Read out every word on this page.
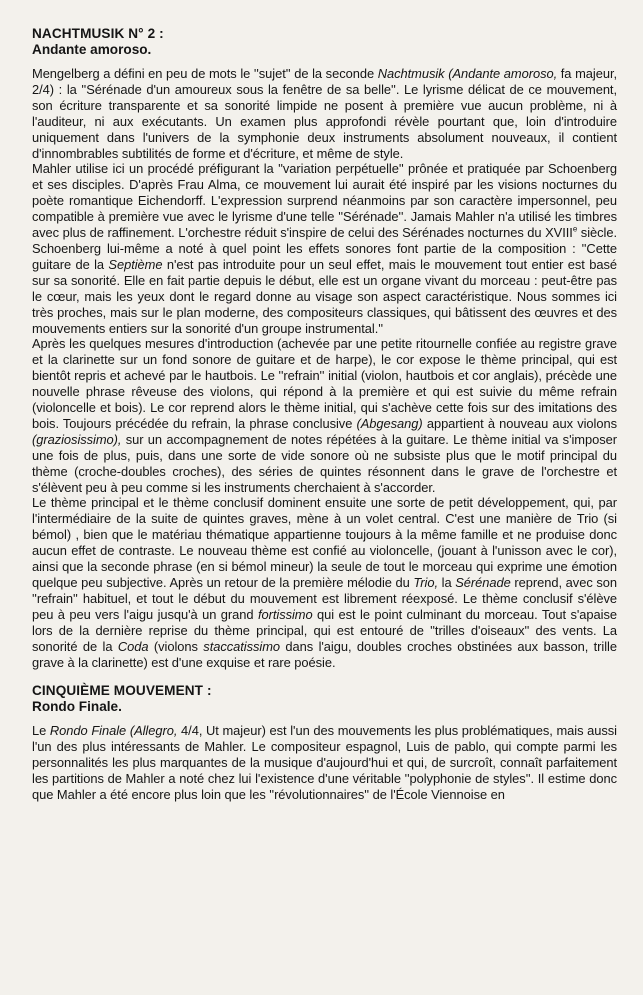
NACHTMUSIK N° 2 :
Andante amoroso.

Mengelberg a défini en peu de mots le ''sujet'' de la seconde Nachtmusik (Andante amoroso, fa majeur, 2/4) : la ''Sérénade d'un amoureux sous la fenêtre de sa belle''. Le lyrisme délicat de ce mouvement, son écriture transparente et sa sonorité limpide ne posent à première vue aucun problème, ni à l'auditeur, ni aux exécutants. Un examen plus approfondi révèle pourtant que, loin d'introduire uniquement dans l'univers de la symphonie deux instruments absolument nouveaux, il contient d'innombrables subtilités de forme et d'écriture, et même de style.

Mahler utilise ici un procédé préfigurant la ''variation perpétuelle'' prônée et pratiquée par Schoenberg et ses disciples. D'après Frau Alma, ce mouvement lui aurait été inspiré par les visions nocturnes du poète romantique Eichendorff. L'expression surprend néanmoins par son caractère impersonnel, peu compatible à première vue avec le lyrisme d'une telle ''Sérénade''. Jamais Mahler n'a utilisé les timbres avec plus de raffinement. L'orchestre réduit s'inspire de celui des Sérénades nocturnes du XVIIIe siècle. Schoenberg lui-même a noté à quel point les effets sonores font partie de la composition : ''Cette guitare de la Septième n'est pas introduite pour un seul effet, mais le mouvement tout entier est basé sur sa sonorité. Elle en fait partie depuis le début, elle est un organe vivant du morceau : peut-être pas le cœur, mais les yeux dont le regard donne au visage son aspect caractéristique. Nous sommes ici très proches, mais sur le plan moderne, des compositeurs classiques, qui bâtissent des œuvres et des mouvements entiers sur la sonorité d'un groupe instrumental.''

Après les quelques mesures d'introduction (achevée par une petite ritournelle confiée au registre grave et la clarinette sur un fond sonore de guitare et de harpe), le cor expose le thème principal, qui est bientôt repris et achevé par le hautbois. Le ''refrain'' initial (violon, hautbois et cor anglais), précède une nouvelle phrase rêveuse des violons, qui répond à la première et qui est suivie du même refrain (violoncelle et bois). Le cor reprend alors le thème initial, qui s'achève cette fois sur des imitations des bois. Toujours précédée du refrain, la phrase conclusive (Abgesang) appartient à nouveau aux violons (graziosissimo), sur un accompagnement de notes répétées à la guitare. Le thème initial va s'imposer une fois de plus, puis, dans une sorte de vide sonore où ne subsiste plus que le motif principal du thème (croche-doubles croches), des séries de quintes résonnent dans le grave de l'orchestre et s'élèvent peu à peu comme si les instruments cherchaient à s'accorder.

Le thème principal et le thème conclusif dominent ensuite une sorte de petit développement, qui, par l'intermédiaire de la suite de quintes graves, mène à un volet central. C'est une manière de Trio (si bémol) , bien que le matériau thématique appartienne toujours à la même famille et ne produise donc aucun effet de contraste. Le nouveau thème est confié au violoncelle, (jouant à l'unisson avec le cor), ainsi que la seconde phrase (en si bémol mineur) la seule de tout le morceau qui exprime une émotion quelque peu subjective. Après un retour de la première mélodie du Trio, la Sérénade reprend, avec son ''refrain'' habituel, et tout le début du mouvement est librement réexposé. Le thème conclusif s'élève peu à peu vers l'aigu jusqu'à un grand fortissimo qui est le point culminant du morceau. Tout s'apaise lors de la dernière reprise du thème principal, qui est entouré de ''trilles d'oiseaux'' des vents. La sonorité de la Coda (violons staccatissimo dans l'aigu, doubles croches obstinées aux basson, trille grave à la clarinette) est d'une exquise et rare poésie.

CINQUIÈME MOUVEMENT :
Rondo Finale.

Le Rondo Finale (Allegro, 4/4, Ut majeur) est l'un des mouvements les plus problématiques, mais aussi l'un des plus intéressants de Mahler. Le compositeur espagnol, Luis de pablo, qui compte parmi les personnalités les plus marquantes de la musique d'aujourd'hui et qui, de surcroît, connaît parfaitement les partitions de Mahler a noté chez lui l'existence d'une véritable ''polyphonie de styles''. Il estime donc que Mahler a été encore plus loin que les ''révolutionnaires'' de l'École Viennoise en
